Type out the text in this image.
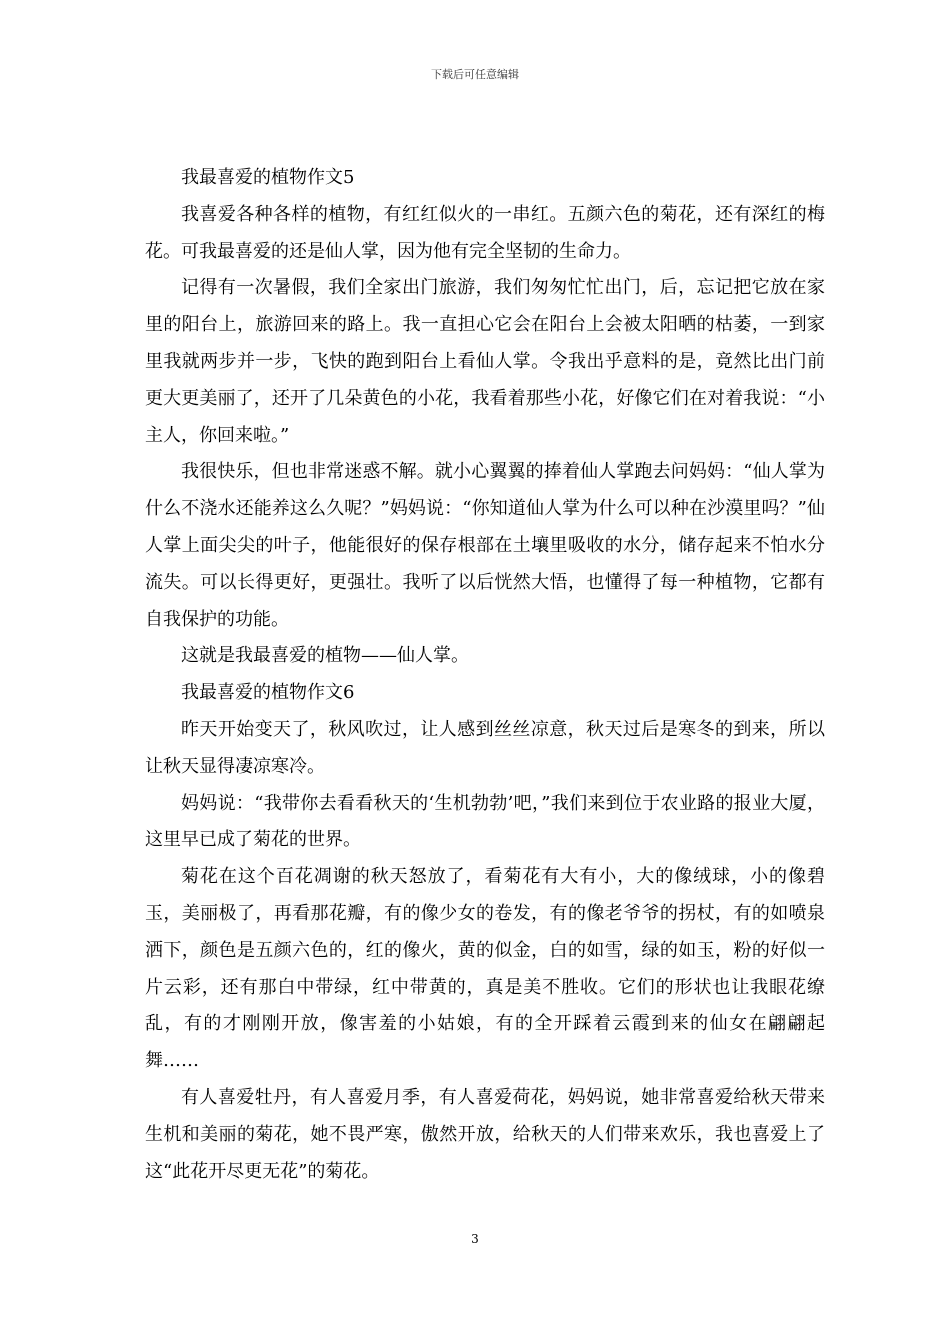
下载后可任意编辑

我最喜爱的植物作文5

我喜爱各种各样的植物，有红红似火的一串红。五颜六色的菊花，还有深红的梅花。可我最喜爱的还是仙人掌，因为他有完全坚韧的生命力。

记得有一次暑假，我们全家出门旅游，我们匆匆忙忙出门，后，忘记把它放在家里的阳台上，旅游回来的路上。我一直担心它会在阳台上会被太阳晒的枯萎，一到家里我就两步并一步，飞快的跑到阳台上看仙人掌。令我出乎意料的是，竟然比出门前更大更美丽了，还开了几朵黄色的小花，我看着那些小花，好像它们在对着我说：“小主人，你回来啦。”

我很快乐，但也非常迷惑不解。就小心翼翼的捧着仙人掌跑去问妈妈：“仙人掌为什么不浇水还能养这么久呢？”妈妈说：“你知道仙人掌为什么可以种在沙漠里吗？”仙人掌上面尖尖的叶子，他能很好的保存根部在土壤里吸收的水分，储存起来不怕水分流失。可以长得更好，更强壮。我听了以后恍然大悟，也懂得了每一种植物，它都有自我保护的功能。

这就是我最喜爱的植物——仙人掌。

我最喜爱的植物作文6

昨天开始变天了，秋风吹过，让人感到丝丝凉意，秋天过后是寒冬的到来，所以让秋天显得凄凉寒冷。

妈妈说：“我带你去看看秋天的‘生机勃勃’吧，”我们来到位于农业路的报业大厦，这里早已成了菊花的世界。

菊花在这个百花凋谢的秋天怒放了，看菊花有大有小，大的像绒球，小的像碧玉，美丽极了，再看那花瓣，有的像少女的卷发，有的像老爷爷的拐杖，有的如喷泉洒下，颜色是五颜六色的，红的像火，黄的似金，白的如雪，绿的如玉，粉的好似一片云彩，还有那白中带绿，红中带黄的，真是美不胜收。它们的形状也让我眼花缭乱，有的才刚刚开放，像害羞的小姑娘，有的全开踩着云霞到来的仙女在翩翩起舞……

有人喜爱牡丹，有人喜爱月季，有人喜爱荷花，妈妈说，她非常喜爱给秋天带来生机和美丽的菊花，她不畏严寒，傲然开放，给秋天的人们带来欢乐，我也喜爱上了这“此花开尽更无花”的菊花。

3
